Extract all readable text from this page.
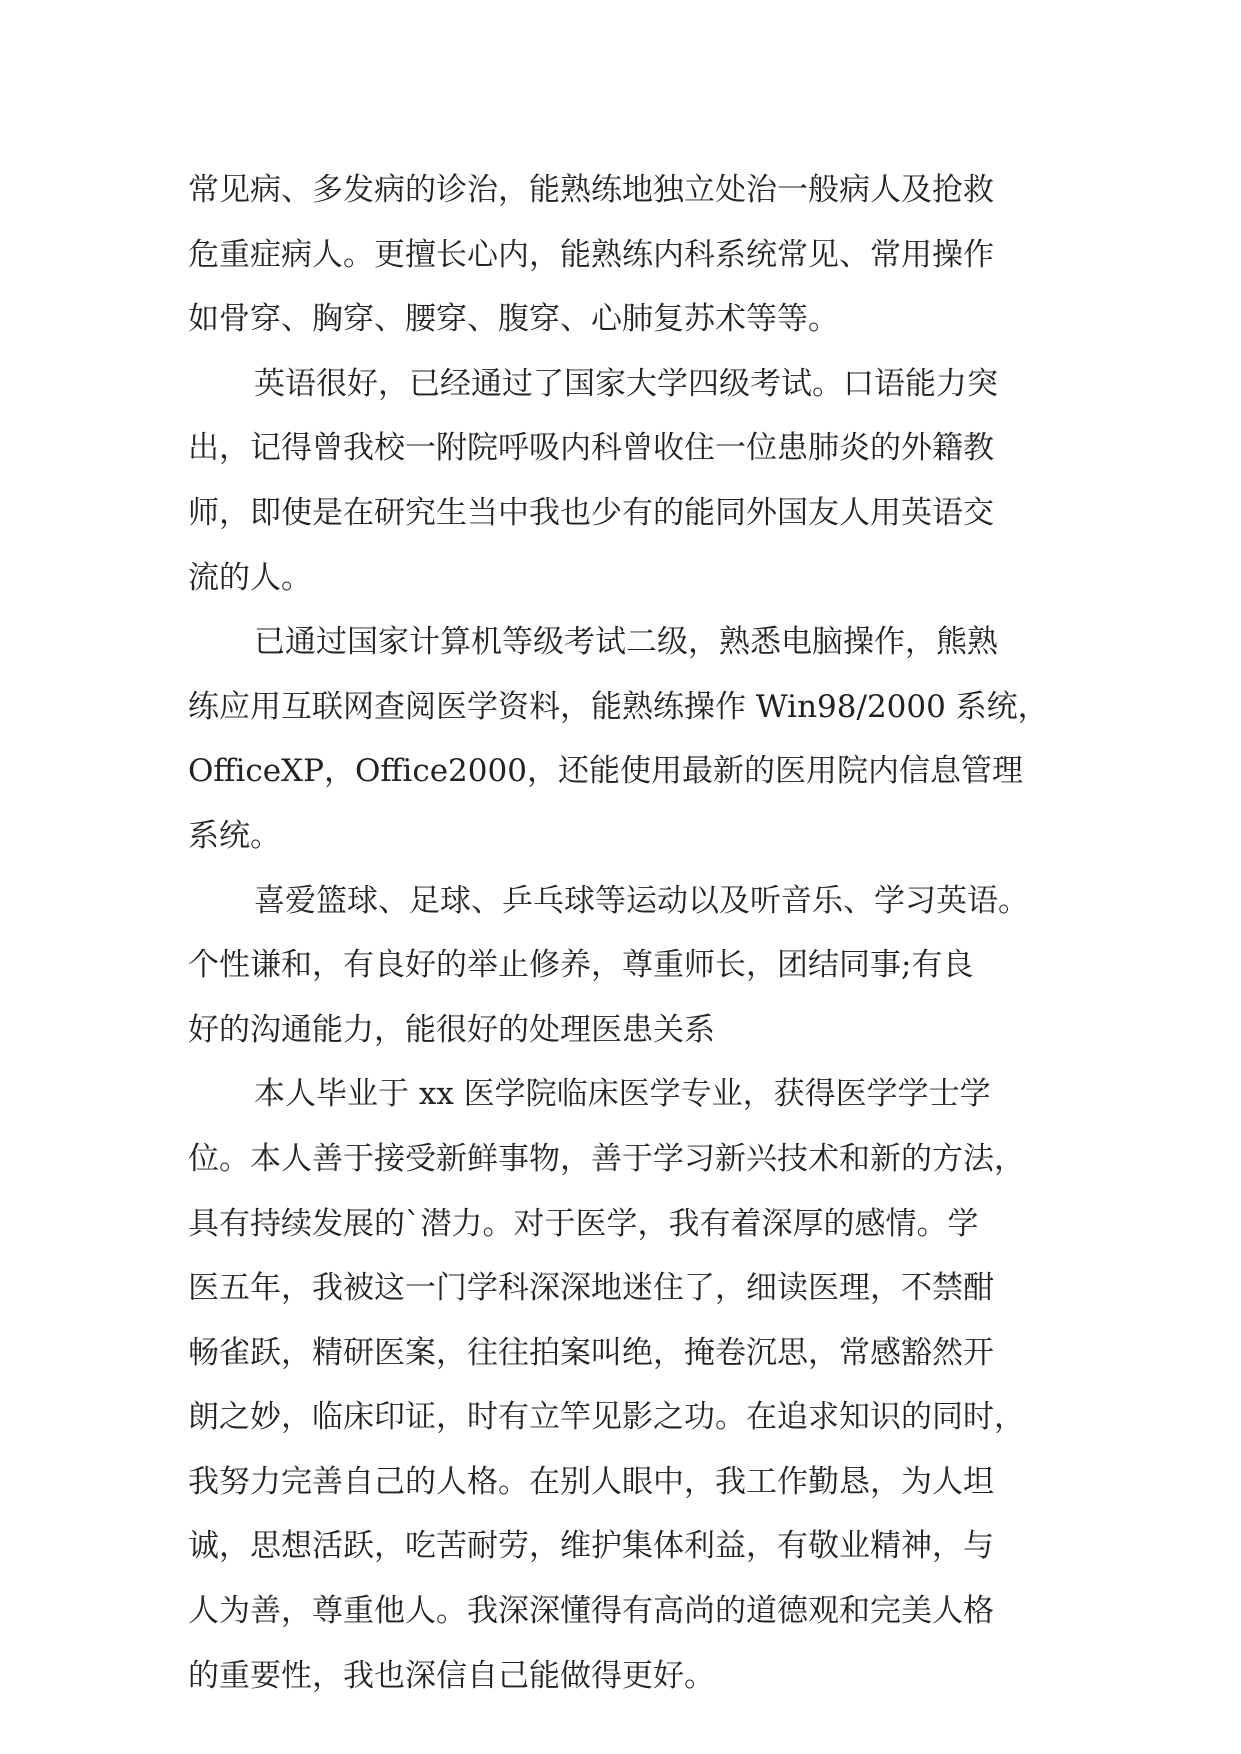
常见病、多发病的诊治，能熟练地独立处治一般病人及抢救
危重症病人。更擅长心内，能熟练内科系统常见、常用操作
如骨穿、胸穿、腰穿、腹穿、心肺复苏术等等。
英语很好，已经通过了国家大学四级考试。口语能力突
出，记得曾我校一附院呼吸内科曾收住一位患肺炎的外籍教
师，即使是在研究生当中我也少有的能同外国友人用英语交
流的人。
已通过国家计算机等级考试二级，熟悉电脑操作，熊熟
练应用互联网查阅医学资料，能熟练操作 Win98/2000 系统，
OfficeXP，Office2000，还能使用最新的医用院内信息管理
系统。
喜爱篮球、足球、乒乓球等运动以及听音乐、学习英语。
个性谦和，有良好的举止修养，尊重师长，团结同事;有良
好的沟通能力，能很好的处理医患关系
本人毕业于 xx 医学院临床医学专业，获得医学学士学
位。本人善于接受新鲜事物，善于学习新兴技术和新的方法，
具有持续发展的`潜力。对于医学，我有着深厚的感情。学
医五年，我被这一门学科深深地迷住了，细读医理，不禁酣
畅雀跃，精研医案，往往拍案叫绝，掩卷沉思，常感豁然开
朗之妙，临床印证，时有立竿见影之功。在追求知识的同时，
我努力完善自己的人格。在别人眼中，我工作勤恳，为人坦
诚，思想活跃，吃苦耐劳，维护集体利益，有敬业精神，与
人为善，尊重他人。我深深懂得有高尚的道德观和完美人格
的重要性，我也深信自己能做得更好。
